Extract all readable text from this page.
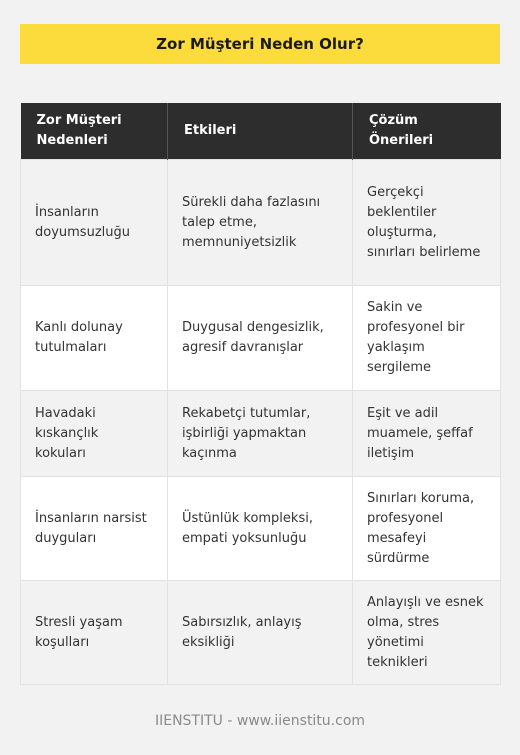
Zor Müşteri Neden Olur?
Zor Müşteri Nedenleri	Etkileri	Çözüm Önerileri
İnsanların doyumsuzluğu	Sürekli daha fazlasını talep etme, memnuniyetsizlik	Gerçekçi beklentiler oluşturma, sınırları belirleme
Kanlı dolunay tutulmaları	Duygusal dengesizlik, agresif davranışlar	Sakin ve profesyonel bir yaklaşım sergileme
Havadaki kıskançlık kokuları	Rekabetçi tutumlar, işbirliği yapmaktan kaçınma	Eşit ve adil muamele, şeffaf iletişim
İnsanların narsist duyguları	Üstünlük kompleksi, empati yoksunluğu	Sınırları koruma, profesyonel mesafeyi sürdürme
Stresli yaşam koşulları	Sabırsızlık, anlayış eksikliği	Anlayışlı ve esnek olma, stres yönetimi teknikleri
IIENSTITU - www.iienstitu.com
